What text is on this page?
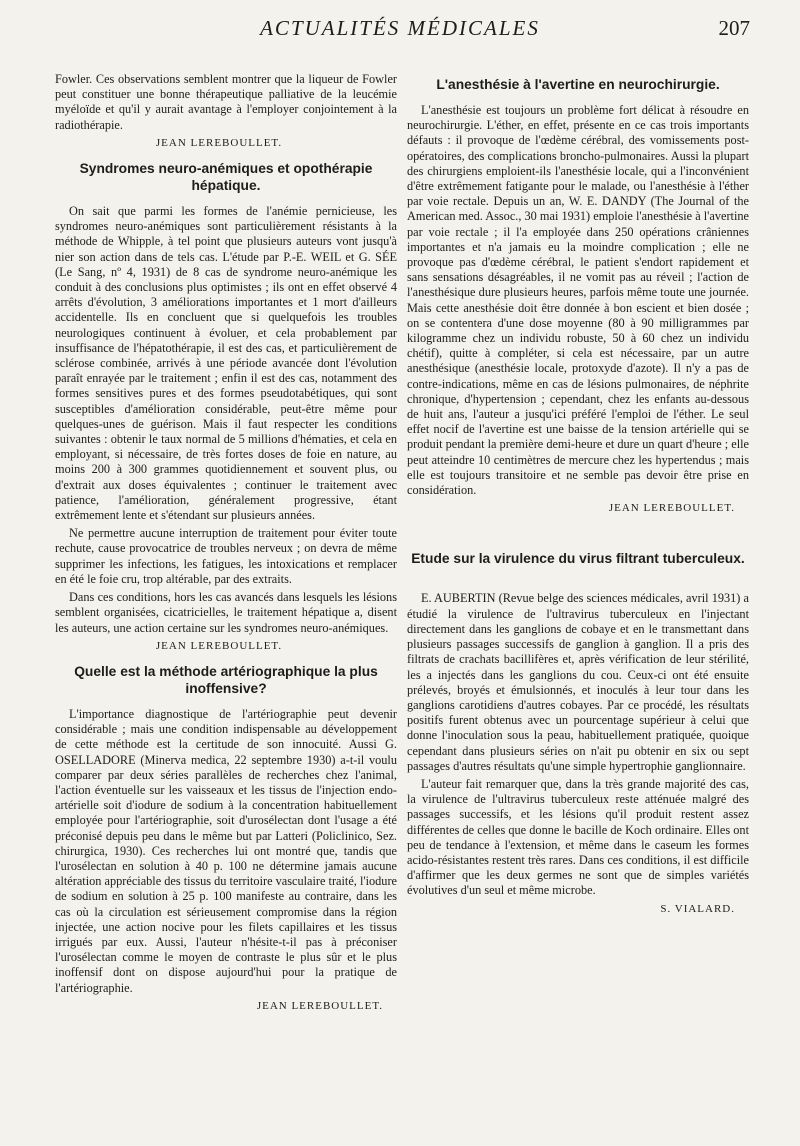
ACTUALITÉS MÉDICALES	207

Fowler. Ces observations semblent montrer que la liqueur de Fowler peut constituer une bonne thérapeutique palliative de la leucémie myéloïde et qu'il y aurait avantage à l'employer conjointement à la radiothérapie.

JEAN LEREBOULLET.
Syndromes neuro-anémiques et opothérapie hépatique.

On sait que parmi les formes de l'anémie pernicieuse, les syndromes neuro-anémiques sont particulièrement résistants à la méthode de Whipple, à tel point que plusieurs auteurs vont jusqu'à nier son action dans de tels cas. L'étude par P.-E. WEIL et G. SÉE (Le Sang, nº 4, 1931) de 8 cas de syndrome neuro-anémique les conduit à des conclusions plus optimistes ; ils ont en effet observé 4 arrêts d'évolution, 3 améliorations importantes et 1 mort d'ailleurs accidentelle. Ils en concluent que si quelquefois les troubles neurologiques continuent à évoluer, et cela probablement par insuffisance de l'hépatothérapie, il est des cas, et particulièrement de sclérose combinée, arrivés à une période avancée dont l'évolution paraît enrayée par le traitement ; enfin il est des cas, notamment des formes sensitives pures et des formes pseudotabétiques, qui sont susceptibles d'amélioration considérable, peut-être même pour quelques-unes de guérison. Mais il faut respecter les conditions suivantes : obtenir le taux normal de 5 millions d'hématies, et cela en employant, si nécessaire, de très fortes doses de foie en nature, au moins 200 à 300 grammes quotidiennement et souvent plus, ou d'extrait aux doses équivalentes ; continuer le traitement avec patience, l'amélioration, généralement progressive, étant extrêmement lente et s'étendant sur plusieurs années.

Ne permettre aucune interruption de traitement pour éviter toute rechute, cause provocatrice de troubles nerveux ; on devra de même supprimer les infections, les fatigues, les intoxications et remplacer en été le foie cru, trop altérable, par des extraits.

Dans ces conditions, hors les cas avancés dans lesquels les lésions semblent organisées, cicatricielles, le traitement hépatique a, disent les auteurs, une action certaine sur les syndromes neuro-anémiques.

JEAN LEREBOULLET.
Quelle est la méthode artériographique la plus inoffensive?

L'importance diagnostique de l'artériographie peut devenir considérable ; mais une condition indispensable au développement de cette méthode est la certitude de son innocuité. Aussi G. OSELLADORE (Minerva medica, 22 septembre 1930) a-t-il voulu comparer par deux séries parallèles de recherches chez l'animal, l'action éventuelle sur les vaisseaux et les tissus de l'injection endo-artérielle soit d'iodure de sodium à la concentration habituellement employée pour l'artériographie, soit d'urosélectan dont l'usage a été préconisé depuis peu dans le même but par Latteri (Policlinico, Sez. chirurgica, 1930). Ces recherches lui ont montré que, tandis que l'urosélectan en solution à 40 p. 100 ne détermine jamais aucune altération appréciable des tissus du territoire vasculaire traité, l'iodure de sodium en solution à 25 p. 100 manifeste au contraire, dans les cas où la circulation est sérieusement compromise dans la région injectée, une action nocive pour les filets capillaires et les tissus irrigués par eux. Aussi, l'auteur n'hésite-t-il pas à préconiser l'urosélectan comme le moyen de contraste le plus sûr et le plus inoffensif dont on dispose aujourd'hui pour la pratique de l'artériographie.

JEAN LEREBOULLET.
L'anesthésie à l'avertine en neurochirurgie.

L'anesthésie est toujours un problème fort délicat à résoudre en neurochirurgie. L'éther, en effet, présente en ce cas trois importants défauts : il provoque de l'œdème cérébral, des vomissements post-opératoires, des complications broncho-pulmonaires. Aussi la plupart des chirurgiens emploient-ils l'anesthésie locale, qui a l'inconvénient d'être extrêmement fatigante pour le malade, ou l'anesthésie à l'éther par voie rectale. Depuis un an, W. E. DANDY (The Journal of the American med. Assoc., 30 mai 1931) emploie l'anesthésie à l'avertine par voie rectale ; il l'a employée dans 250 opérations crâniennes importantes et n'a jamais eu la moindre complication ; elle ne provoque pas d'œdème cérébral, le patient s'endort rapidement et sans sensations désagréables, il ne vomit pas au réveil ; l'action de l'anesthésique dure plusieurs heures, parfois même toute une journée. Mais cette anesthésie doit être donnée à bon escient et bien dosée ; on se contentera d'une dose moyenne (80 à 90 milligrammes par kilogramme chez un individu robuste, 50 à 60 chez un individu chétif), quitte à compléter, si cela est nécessaire, par un autre anesthésique (anesthésie locale, protoxyde d'azote). Il n'y a pas de contre-indications, même en cas de lésions pulmonaires, de néphrite chronique, d'hypertension ; cependant, chez les enfants au-dessous de huit ans, l'auteur a jusqu'ici préféré l'emploi de l'éther. Le seul effet nocif de l'avertine est une baisse de la tension artérielle qui se produit pendant la première demi-heure et dure un quart d'heure ; elle peut atteindre 10 centimètres de mercure chez les hypertendus ; mais elle est toujours transitoire et ne semble pas devoir être prise en considération.

JEAN LEREBOULLET.
Etude sur la virulence du virus filtrant tuberculeux.

E. AUBERTIN (Revue belge des sciences médicales, avril 1931) a étudié la virulence de l'ultravirus tuberculeux en l'injectant directement dans les ganglions de cobaye et en le transmettant dans plusieurs passages successifs de ganglion à ganglion. Il a pris des filtrats de crachats bacillifères et, après vérification de leur stérilité, les a injectés dans les ganglions du cou. Ceux-ci ont été ensuite prélevés, broyés et émulsionnés, et inoculés à leur tour dans les ganglions carotidiens d'autres cobayes. Par ce procédé, les résultats positifs furent obtenus avec un pourcentage supérieur à celui que donne l'inoculation sous la peau, habituellement pratiquée, quoique cependant dans plusieurs séries on n'ait pu obtenir en six ou sept passages d'autres résultats qu'une simple hypertrophie ganglionnaire.

L'auteur fait remarquer que, dans la très grande majorité des cas, la virulence de l'ultravirus tuberculeux reste atténuée malgré des passages successifs, et les lésions qu'il produit restent assez différentes de celles que donne le bacille de Koch ordinaire. Elles ont peu de tendance à l'extension, et même dans le caseum les formes acido-résistantes restent très rares. Dans ces conditions, il est difficile d'affirmer que les deux germes ne sont que de simples variétés évolutives d'un seul et même microbe.

S. VIALARD.
